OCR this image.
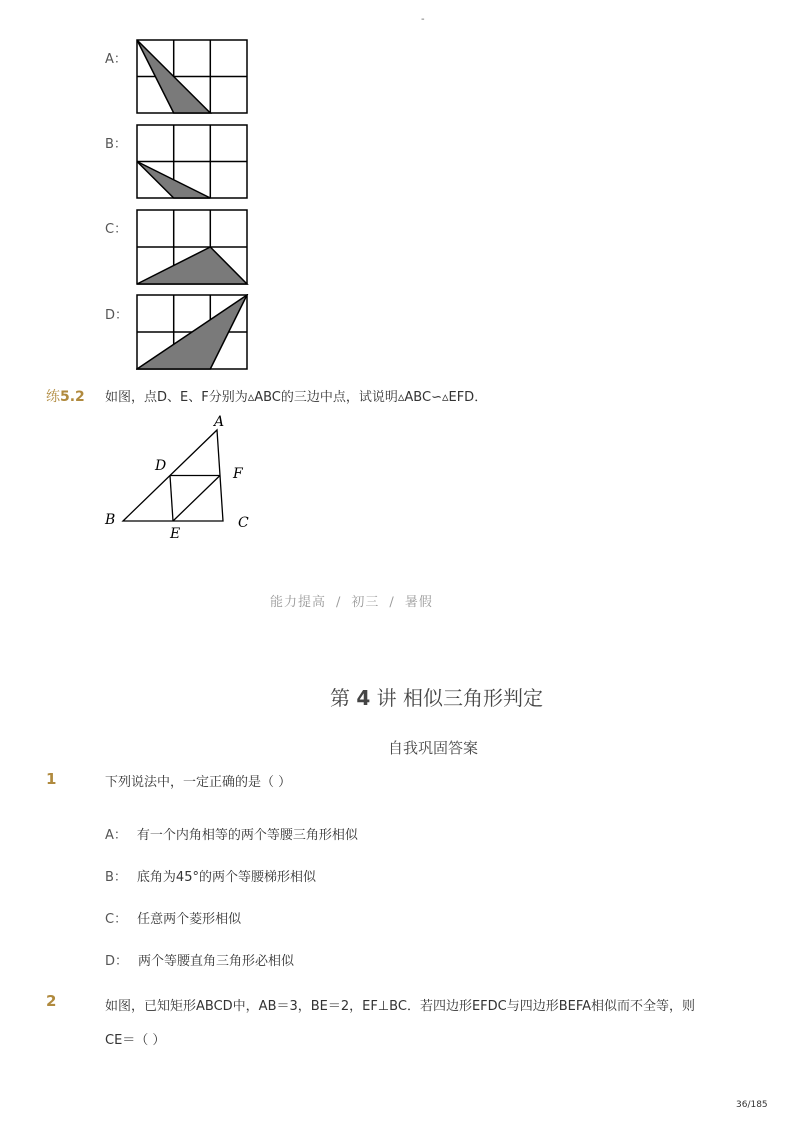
-
A：
B：
C：
D：
练5.2 如图，点D、E、F分别为▵ABC的三边中点，试说明▵ABC∽▵EFD．
A
B	C
D
E
F
能力提高 / 初三 / 暑假
第 4 讲 相似三角形判定
自我巩固答案
1	下列说法中，一定正确的是（ ）
A： 有一个内角相等的两个等腰三角形相似
B： 底角为45°的两个等腰梯形相似
C： 任意两个菱形相似
D： 两个等腰直角三角形必相似
2	如图，已知矩形ABCD中，AB＝3，BE＝2，EF⊥BC．若四边形EFDC与四边形BEFA相似而不全等，则CE＝（ ）
36/185
